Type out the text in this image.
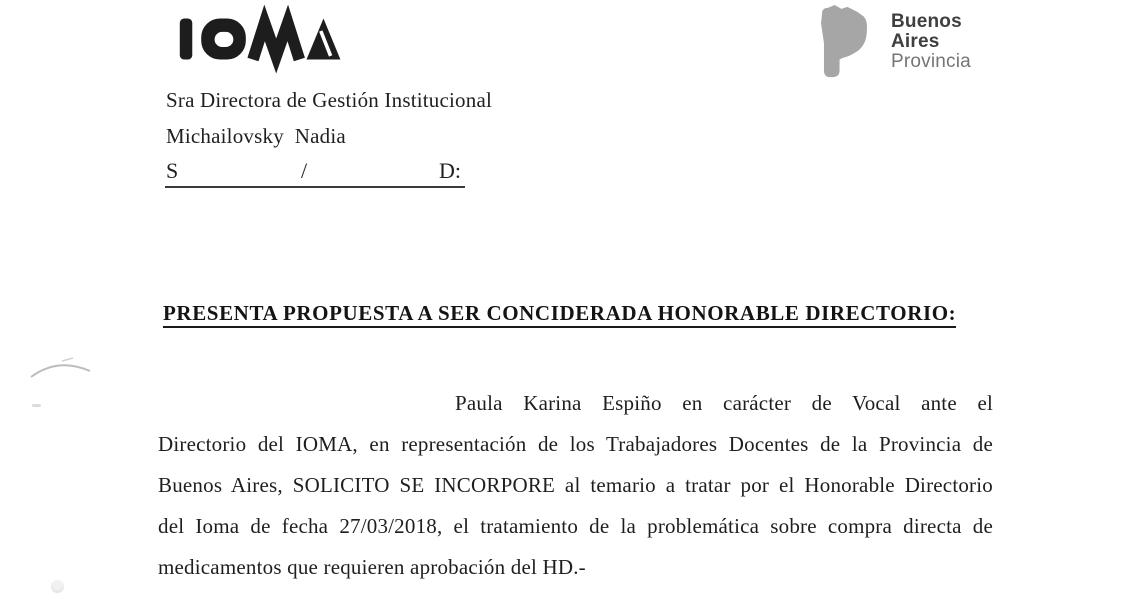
Buenos
Aires
Provincia
Sra Directora de Gestión Institucional
Michailovsky  Nadia
S	/	D:
PRESENTA PROPUESTA A SER CONCIDERADA HONORABLE DIRECTORIO:
Paula Karina Espiño en carácter de Vocal ante el
Directorio del IOMA, en representación de los Trabajadores Docentes de la Provincia de
Buenos Aires, SOLICITO SE INCORPORE al temario a tratar por el Honorable Directorio
del Ioma de fecha 27/03/2018, el tratamiento de la problemática sobre compra directa de
medicamentos que requieren aprobación del HD.-
